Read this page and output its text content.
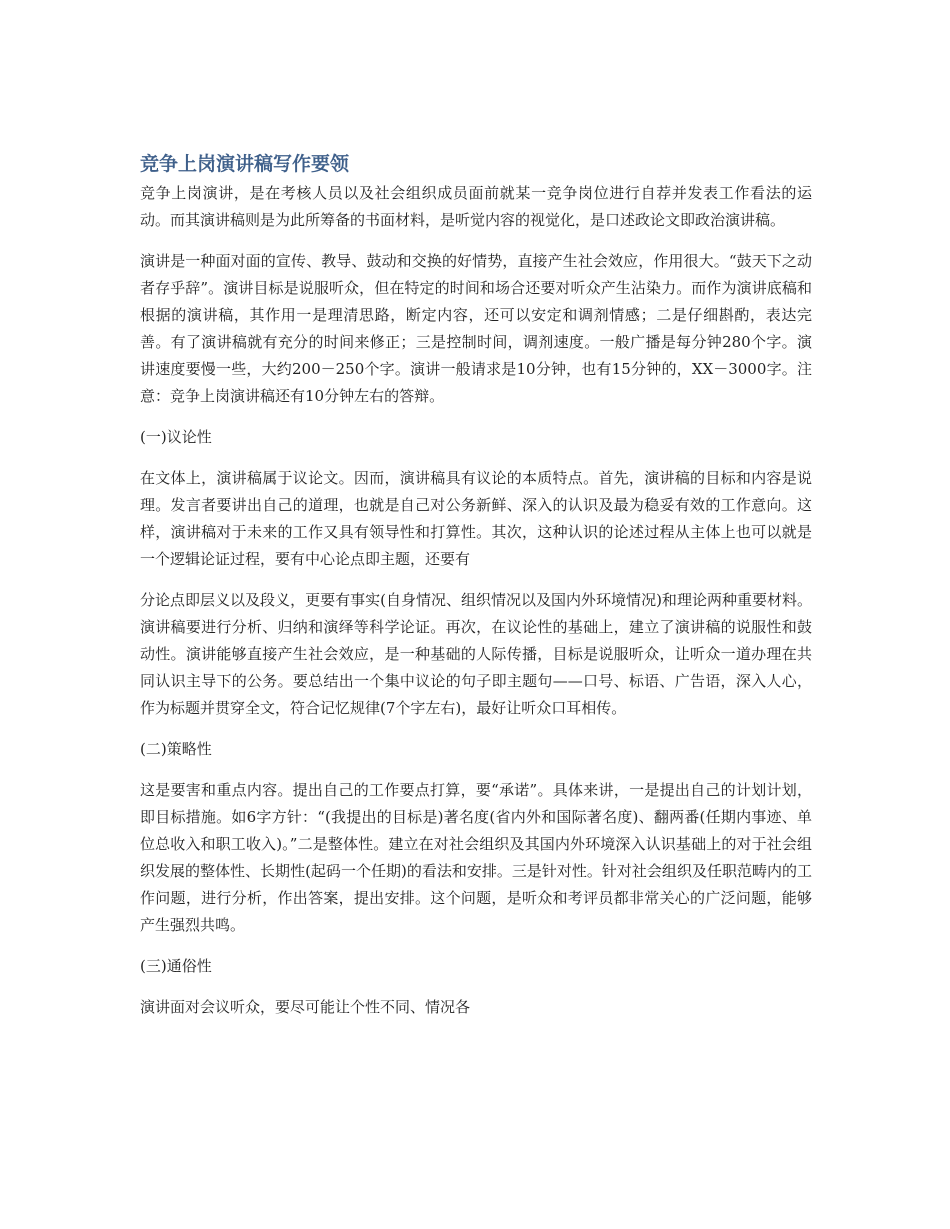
竞争上岗演讲稿写作要领

竞争上岗演讲，是在考核人员以及社会组织成员面前就某一竞争岗位进行自荐并发表工作看法的运动。而其演讲稿则是为此所筹备的书面材料，是听觉内容的视觉化，是口述政论文即政治演讲稿。

演讲是一种面对面的宣传、教导、鼓动和交换的好情势，直接产生社会效应，作用很大。“鼓天下之动者存乎辞”。演讲目标是说服听众，但在特定的时间和场合还要对听众产生沾染力。而作为演讲底稿和根据的演讲稿，其作用一是理清思路，断定内容，还可以安定和调剂情感；二是仔细斟酌，表达完善。有了演讲稿就有充分的时间来修正；三是控制时间，调剂速度。一般广播是每分钟280个字。演讲速度要慢一些，大约200－250个字。演讲一般请求是10分钟，也有15分钟的，XX－3000字。注意：竞争上岗演讲稿还有10分钟左右的答辩。

(一)议论性

在文体上，演讲稿属于议论文。因而，演讲稿具有议论的本质特点。首先，演讲稿的目标和内容是说理。发言者要讲出自己的道理，也就是自己对公务新鲜、深入的认识及最为稳妥有效的工作意向。这样，演讲稿对于未来的工作又具有领导性和打算性。其次，这种认识的论述过程从主体上也可以就是一个逻辑论证过程，要有中心论点即主题，还要有

分论点即层义以及段义，更要有事实(自身情况、组织情况以及国内外环境情况)和理论两种重要材料。演讲稿要进行分析、归纳和演绎等科学论证。再次，在议论性的基础上，建立了演讲稿的说服性和鼓动性。演讲能够直接产生社会效应，是一种基础的人际传播，目标是说服听众，让听众一道办理在共同认识主导下的公务。要总结出一个集中议论的句子即主题句——口号、标语、广告语，深入人心，作为标题并贯穿全文，符合记忆规律(7个字左右)，最好让听众口耳相传。

(二)策略性

这是要害和重点内容。提出自己的工作要点打算，要“承诺”。具体来讲，一是提出自己的计划计划，即目标措施。如6字方针：“(我提出的目标是)著名度(省内外和国际著名度)、翻两番(任期内事迹、单位总收入和职工收入)。”二是整体性。建立在对社会组织及其国内外环境深入认识基础上的对于社会组织发展的整体性、长期性(起码一个任期)的看法和安排。三是针对性。针对社会组织及任职范畴内的工作问题，进行分析，作出答案，提出安排。这个问题，是听众和考评员都非常关心的广泛问题，能够产生强烈共鸣。

(三)通俗性

演讲面对会议听众，要尽可能让个性不同、情况各
